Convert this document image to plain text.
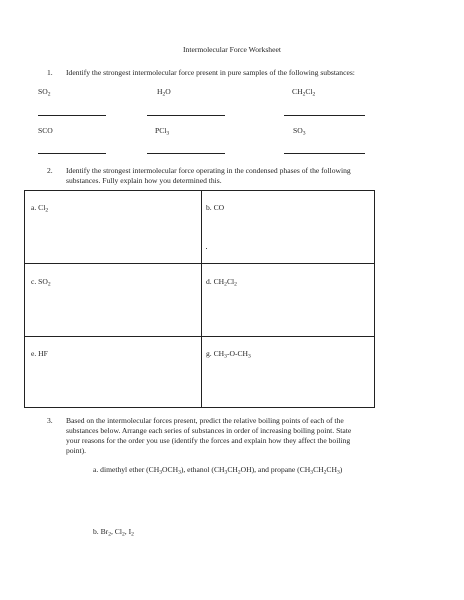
Intermolecular Force Worksheet
1.	Identify the strongest intermolecular force present in pure samples of the following substances:
$SO_2$	$H_2O$	$CH_2Cl_2$
SCO	PCl$_3$	$SO_3$
2.	Identify the strongest intermolecular force operating in the condensed phases of the following
substances. Fully explain how you determined this.
a. $Cl_2$	b. CO
c. $SO_2$	d. $CH_2Cl_2$
e. HF	g. $CH_3-O-CH_3$
3.	Based on the intermolecular forces present, predict the relative boiling points of each of the
substances below. Arrange each series of substances in order of increasing boiling point. State
your reasons for the order you use (identify the forces and explain how they affect the boiling
point).
a. dimethyl ether $(CH_3OCH_3)$, ethanol $(CH_3CH_2OH)$, and propane $(CH_3CH_2CH_3)$
b. $Br_2$, $Cl_2$, $I_2$
